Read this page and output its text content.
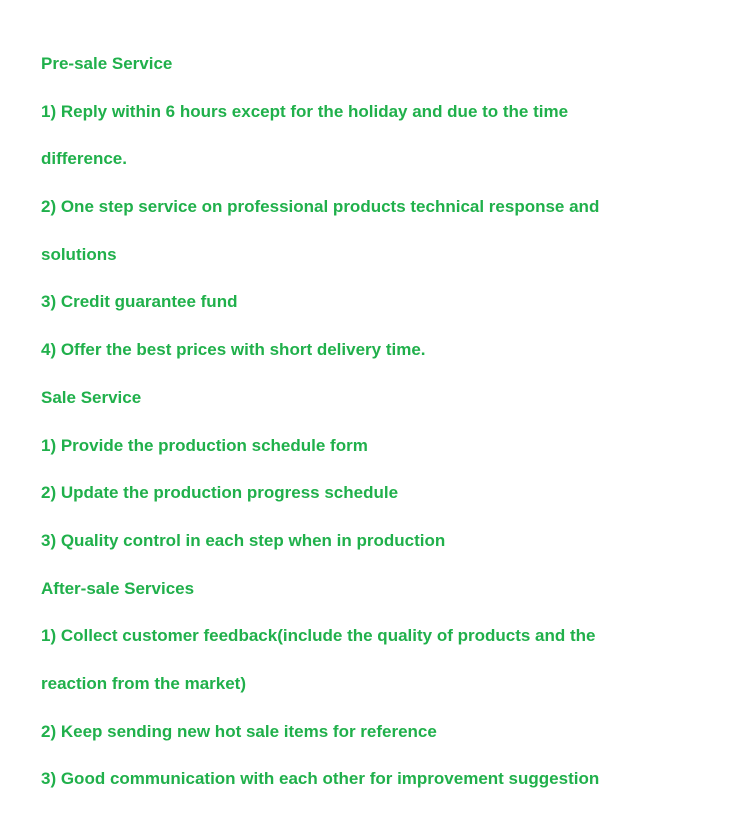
Pre-sale Service
1) Reply within 6 hours except for the holiday and due to the time
difference.
2) One step service on professional products technical response and
solutions
3) Credit guarantee fund
4) Offer the best prices with short delivery time.
Sale Service
1) Provide the production schedule form
2) Update the production progress schedule
3) Quality control in each step when in production
After-sale Services
1) Collect customer feedback(include the quality of products and the
reaction from the market)
2) Keep sending new hot sale items for reference
3) Good communication with each other for improvement suggestion
